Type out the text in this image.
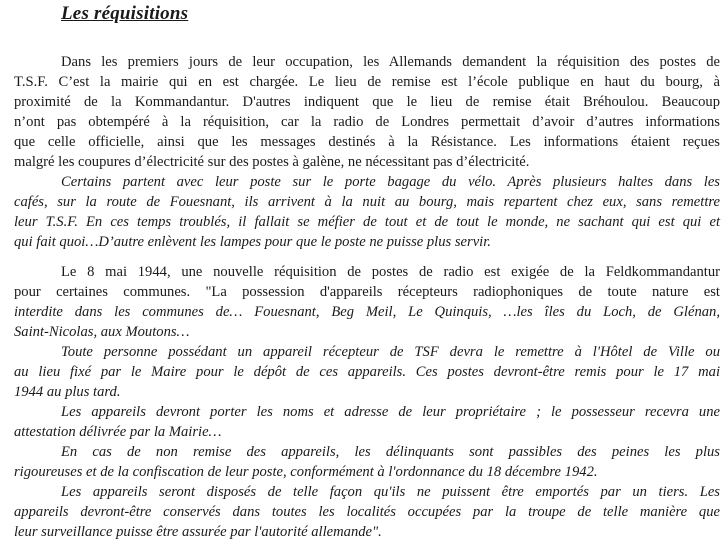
Les réquisitions
Dans les premiers jours de leur occupation, les Allemands demandent la réquisition des postes de
T.S.F. C’est la mairie qui en est chargée. Le lieu de remise est l’école publique en haut du bourg, à
proximité de la Kommandantur. D'autres indiquent que le lieu de remise était Bréhoulou. Beaucoup
n’ont pas obtempéré à la réquisition, car la radio de Londres permettait d’avoir d’autres informations
que celle officielle, ainsi que les messages destinés à la Résistance. Les informations étaient reçues
malgré les coupures d’électricité sur des postes à galène, ne nécessitant pas d’électricité.
Certains partent avec leur poste sur le porte bagage du vélo. Après plusieurs haltes dans les
cafés, sur la route de Fouesnant, ils arrivent à la nuit au bourg, mais repartent chez eux, sans remettre
leur T.S.F. En ces temps troublés, il fallait se méfier de tout et de tout le monde, ne sachant qui est qui et
qui fait quoi…D’autre enlèvent les lampes pour que le poste ne puisse plus servir.
Le 8 mai 1944, une nouvelle réquisition de postes de radio est exigée de la Feldkommandantur
pour certaines communes. "La possession d'appareils récepteurs radiophoniques de toute nature est
interdite dans les communes de… Fouesnant, Beg Meil, Le Quinquis, …les îles du Loch, de Glénan,
Saint-Nicolas, aux Moutons…
Toute personne possédant un appareil récepteur de TSF devra le remettre à l'Hôtel de Ville ou
au lieu fixé par le Maire pour le dépôt de ces appareils. Ces postes devront-être remis pour le 17 mai
1944 au plus tard.
Les appareils devront porter les noms et adresse de leur propriétaire ; le possesseur recevra une
attestation délivrée par la Mairie…
En cas de non remise des appareils, les délinquants sont passibles des peines les plus
rigoureuses et de la confiscation de leur poste, conformément à l'ordonnance du 18 décembre 1942.
Les appareils seront disposés de telle façon qu'ils ne puissent être emportés par un tiers. Les
appareils devront-être conservés dans toutes les localités occupées par la troupe de telle manière que
leur surveillance puisse être assurée par l'autorité allemande".
